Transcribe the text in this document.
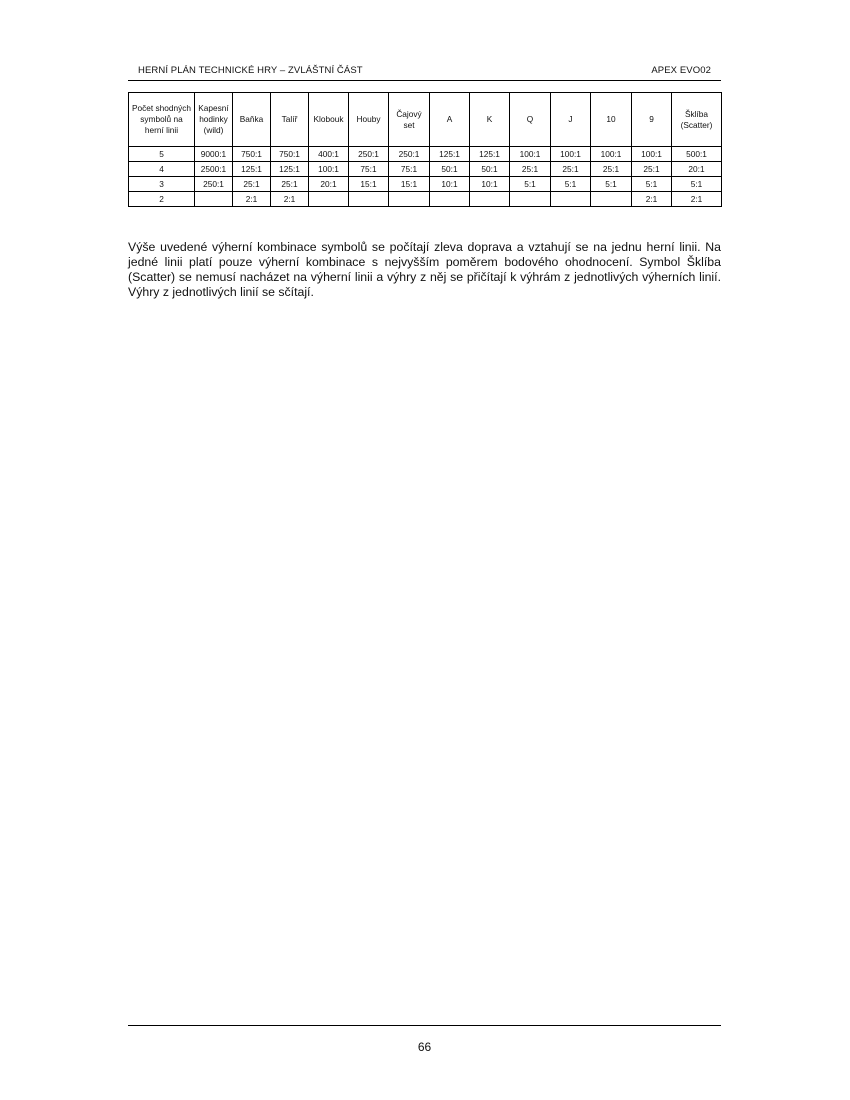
HERNÍ PLÁN TECHNICKÉ HRY – ZVLÁŠTNÍ ČÁST	APEX EVO02
Počet shodných symbolů na herní linii	Kapesní hodinky (wild)	Baňka	Talíř	Klobouk	Houby	Čajový set	A	K	Q	J	10	9	Šklíba (Scatter)

5	9000:1	750:1	750:1	400:1	250:1	250:1	125:1	125:1	100:1	100:1	100:1	100:1	500:1
4	2500:1	125:1	125:1	100:1	75:1	75:1	50:1	50:1	25:1	25:1	25:1	25:1	20:1
3	250:1	25:1	25:1	20:1	15:1	15:1	10:1	10:1	5:1	5:1	5:1	5:1	5:1
2		2:1	2:1									2:1	2:1

Výše uvedené výherní kombinace symbolů se počítají zleva doprava a vztahují se na jednu herní linii. Na jedné linii platí pouze výherní kombinace s nejvyšším poměrem bodového ohodnocení. Symbol Šklíba (Scatter) se nemusí nacházet na výherní linii a výhry z něj se přičítají k výhrám z jednotlivých výherních linií. Výhry z jednotlivých linií se sčítají.

66
